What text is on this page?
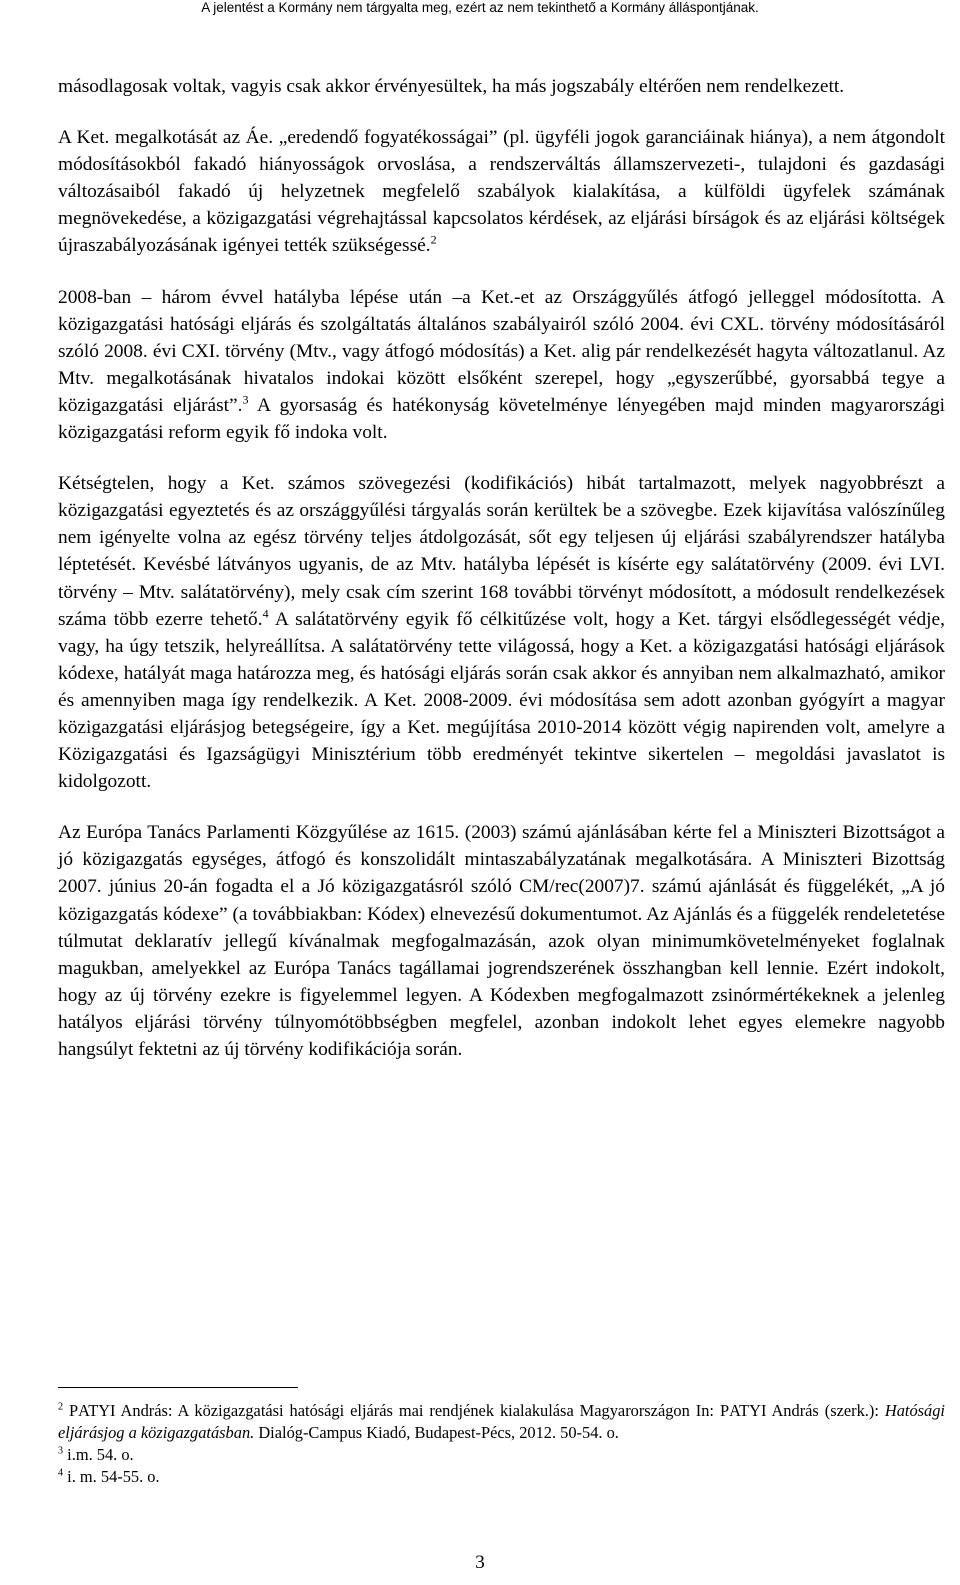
A jelentést a Kormány nem tárgyalta meg, ezért az nem tekinthető a Kormány álláspontjának.

másodlagosak voltak, vagyis csak akkor érvényesültek, ha más jogszabály eltérően nem rendelkezett.

A Ket. megalkotását az Áe. „eredendő fogyatékosságai” (pl. ügyféli jogok garanciáinak hiánya), a nem átgondolt módosításokból fakadó hiányosságok orvoslása, a rendszerváltás államszervezeti-, tulajdoni és gazdasági változásaiból fakadó új helyzetnek megfelelő szabályok kialakítása, a külföldi ügyfelek számának megnövekedése, a közigazgatási végrehajtással kapcsolatos kérdések, az eljárási bírságok és az eljárási költségek újraszabályozásának igényei tették szükségessé.$^2$

2008-ban – három évvel hatályba lépése után –a Ket.-et az Országgyűlés átfogó jelleggel módosította. A közigazgatási hatósági eljárás és szolgáltatás általános szabályairól szóló 2004. évi CXL. törvény módosításáról szóló 2008. évi CXI. törvény (Mtv., vagy átfogó módosítás) a Ket. alig pár rendelkezését hagyta változatlanul. Az Mtv. megalkotásának hivatalos indokai között elsőként szerepel, hogy „egyszerűbbé, gyorsabbá tegye a közigazgatási eljárást”.$^3$ A gyorsaság és hatékonyság követelménye lényegében majd minden magyarországi közigazgatási reform egyik fő indoka volt.

Kétségtelen, hogy a Ket. számos szövegezési (kodifikációs) hibát tartalmazott, melyek nagyobbrészt a közigazgatási egyeztetés és az országgyűlési tárgyalás során kerültek be a szövegbe. Ezek kijavítása valószínűleg nem igényelte volna az egész törvény teljes átdolgozását, sőt egy teljesen új eljárási szabályrendszer hatályba léptetését. Kevésbé látványos ugyanis, de az Mtv. hatályba lépését is kísérte egy salátatörvény (2009. évi LVI. törvény – Mtv. salátatörvény), mely csak cím szerint 168 további törvényt módosított, a módosult rendelkezések száma több ezerre tehető.$^4$ A salátatörvény egyik fő célkitűzése volt, hogy a Ket. tárgyi elsődlegességét védje, vagy, ha úgy tetszik, helyreállítsa. A salátatörvény tette világossá, hogy a Ket. a közigazgatási hatósági eljárások kódexe, hatályát maga határozza meg, és hatósági eljárás során csak akkor és annyiban nem alkalmazható, amikor és amennyiben maga így rendelkezik. A Ket. 2008-2009. évi módosítása sem adott azonban gyógyírt a magyar közigazgatási eljárásjog betegségeire, így a Ket. megújítása 2010-2014 között végig napirenden volt, amelyre a Közigazgatási és Igazságügyi Minisztérium több eredményét tekintve sikertelen – megoldási javaslatot is kidolgozott.

Az Európa Tanács Parlamenti Közgyűlése az 1615. (2003) számú ajánlásában kérte fel a Miniszteri Bizottságot a jó közigazgatás egységes, átfogó és konszolidált mintaszabályzatának megalkotására. A Miniszteri Bizottság 2007. június 20-án fogadta el a Jó közigazgatásról szóló CM/rec(2007)7. számú ajánlását és függelékét, „A jó közigazgatás kódexe” (a továbbiakban: Kódex) elnevezésű dokumentumot. Az Ajánlás és a függelék rendeletetése túlmutat deklaratív jellegű kívánalmak megfogalmazásán, azok olyan minimumkövetelményeket foglalnak magukban, amelyekkel az Európa Tanács tagállamai jogrendszerének összhangban kell lennie. Ezért indokolt, hogy az új törvény ezekre is figyelemmel legyen. A Kódexben megfogalmazott zsinórmértékeknek a jelenleg hatályos eljárási törvény túlnyomótöbbségben megfelel, azonban indokolt lehet egyes elemekre nagyobb hangsúlyt fektetni az új törvény kodifikációja során.

$^2$ PATYI András: A közigazgatási hatósági eljárás mai rendjének kialakulása Magyarországon In: PATYI András (szerk.): Hatósági eljárásjog a közigazgatásban. Dialóg-Campus Kiadó, Budapest-Pécs, 2012. 50-54. o.

$^3$ i.m. 54. o.

$^4$ i. m. 54-55. o.

3
